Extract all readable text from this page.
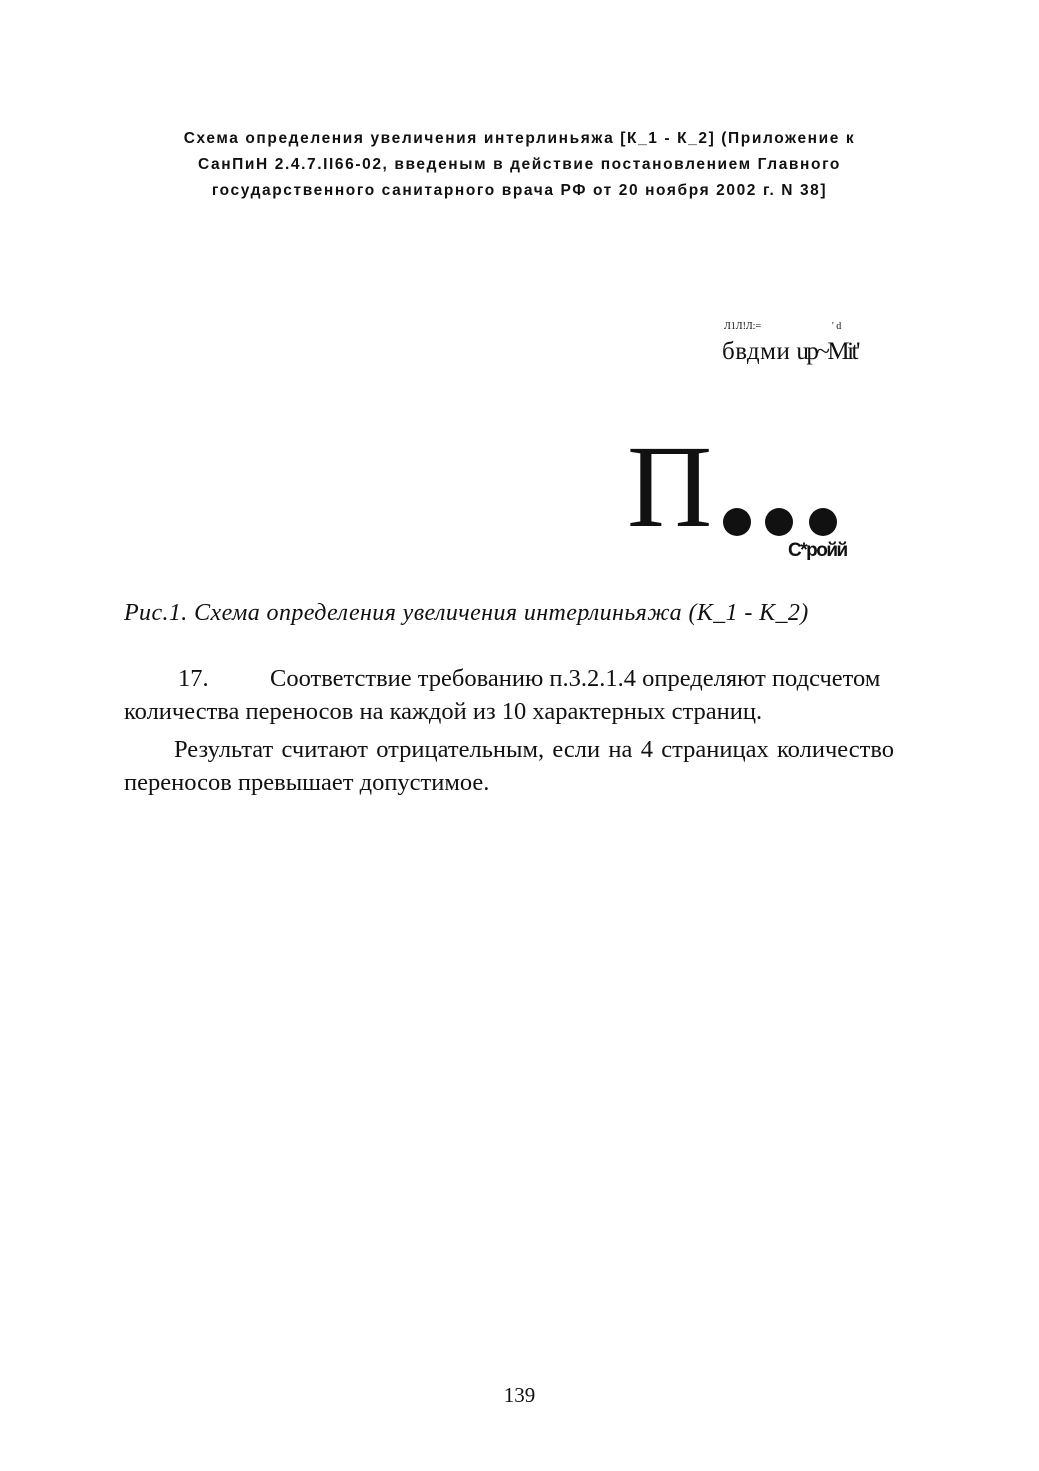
Схема определения увеличения интерлиньяжа [К_1 - К_2] (Приложение к
СанПиН 2.4.7.II66-02, введеным в действие постановлением Главного
государственного санитарного врача РФ от 20 ноября 2002 г. N 38]
Л1Л!Л:=	' d
бвдми up~Mit'
П	С*ройй
Рис.1. Схема определения увеличения интерлиньяжа (К_1 - К_2)
17.	Соответствие требованию п.3.2.1.4 определяют подсчетом
количества переносов на каждой из 10 характерных страниц.
Результат считают отрицательным, если на 4 страницах количество переносов превышает допустимое.
139
